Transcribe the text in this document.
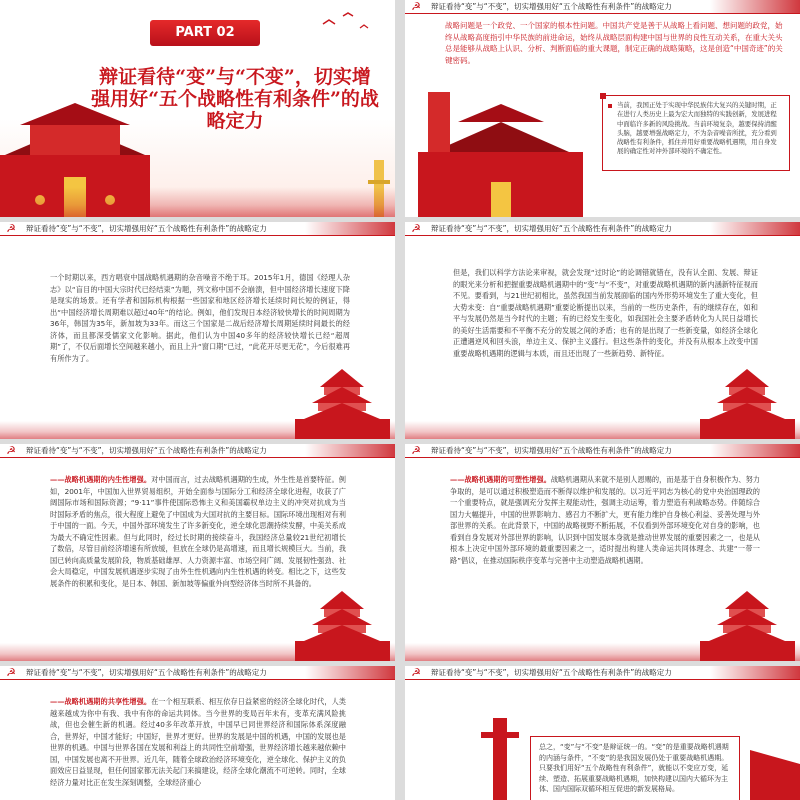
PART 02
辩证看待“变”与“不变”，切实增强用好“五个战略性有利条件”的战略定力
☭ 辩证看待“变”与“不变”，切实增强用好“五个战略性有利条件”的战略定力
战略问题是一个政党、一个国家的根本性问题。中国共产党是善于从战略上看问题、想问题的政党，始终从战略高度指引中华民族的前进命运，始终从战略层面构建中国与世界的良性互动关系，在重大关头总是能够从战略上认识、分析、判断面临的重大课题，制定正确的战略策略，这是创造“中国奇迹”的关键密码。
当前，我国正处于实现中华民族伟大复兴的关键时期，正在进行人类历史上最为宏大而独特的实践创新，发展进程中面临许多新的风险挑战。当前环境复杂，越要保持清醒头脑，越要增强战略定力，不为杂音噪音所扰，充分看到战略性有利条件，抓住并用好重要战略机遇期，用自身发展的确定性对冲外部环境的不确定性。
☭ 辩证看待“变”与“不变”，切实增强用好“五个战略性有利条件”的战略定力
一个时期以来，西方唱衰中国战略机遇期的杂音噪音不绝于耳。2015年1月，德国《经理人杂志》以“盲目的中国大宗时代已经结束”为题，列文称中国不会崩溃，但中国经济增长速度下降是现实的场景。还有学者和国际机构根据一些国家和地区经济增长延续时间长短的例证，得出“中国经济增长周期难以超过40年”的结论。例如，他们发现日本经济较快增长的时间周期为36年，韩国为35年，新加坡为33年。而这三个国家是二战后经济增长周期延续时间最长的经济体，而且都深受儒家文化影响。据此，他们认为中国40多年的经济较快增长已经“超周期”了，不仅后面增长空间越来越小，而且上升“窗口期”已过，“此花开尽更无花”，今后很难再有所作为了。
☭ 辩证看待“变”与“不变”，切实增强用好“五个战略性有利条件”的战略定力
但是，我们以科学方法论来审视，就会发现“过时论”的论调错就错在，没有认全面、发展、辩证的眼光来分析和把握重要战略机遇期中的“变”与“不变”，对重要战略机遇期的新内涵新特征视而不见。要看到，与21世纪初相比，虽然我国当前发展面临的国内外形势环境发生了重大变化，但大势未变：自“重要战略机遇期”重要论断提出以来，当前的一些历史条件，有的继续存在，如和平与发展仍然是当今时代的主题；有的已经发生变化，如我国社会主要矛盾转化为人民日益增长的美好生活需要和不平衡不充分的发展之间的矛盾；也有的是出现了一些新变量，如经济全球化正遭遇逆风和回头浪，单边主义、保护主义盛行。但这些条件的变化，并没有从根本上改变中国重要战略机遇期的逻辑与本质，而且还出现了一些新趋势、新特征。
☭ 辩证看待“变”与“不变”，切实增强用好“五个战略性有利条件”的战略定力
——战略机遇期的内生性增强。对中国而言，过去战略机遇期的生成，外生性是首要特征。例如，2001年，中国加入世界贸易组织，开始全面参与国际分工和经济全球化进程，收获了广阔国际市场和国际资源；“9·11”事件使国际恐怖主义和美国霸权单边主义的冲突对抗成为当时国际矛盾的焦点，很大程度上避免了中国成为大国对抗的主要目标。国际环境出现相对有利于中国的一面。今天，中国外部环境发生了许多新变化，逆全球化思潮持续发酵，中美关系成为最大不确定性因素。但与此同时，经过长时期的接续奋斗，我国经济总量较21世纪初增长了数倍，尽管目前经济增速有所放缓，但放在全球仍是高增速，而且增长规模巨大。当前，我国已转向高质量发展阶段，物质基础雄厚、人力资源丰富、市场空间广阔、发展韧性强劲、社会大局稳定，中国发展机遇逐步实现了由外生性机遇向内生性机遇的转变。相比之下，这些发展条件的积累和变化，是日本、韩国、新加坡等偏重外向型经济体当时所不具备的。
☭ 辩证看待“变”与“不变”，切实增强用好“五个战略性有利条件”的战略定力
——战略机遇期的可塑性增强。战略机遇期从来就不是别人恩赐的，而是基于自身积极作为、努力争取的，是可以通过积极塑造而不断得以维护和发展的。以习近平同志为核心的党中央治国理政的一个重要特点，就是强调充分发挥主观能动性，强调主动运筹，着力塑造有利战略态势。伴随综合国力大幅提升，中国的世界影响力、感召力不断扩大，更有能力维护自身核心利益、妥善处理与外部世界的关系。在此背景下，中国的战略视野不断拓展，不仅看到外部环境变化对自身的影响，也看到自身发展对外部世界的影响，认识到中国发展本身就是推动世界发展的重要因素之一，也是从根本上决定中国外部环境的最重要因素之一，适时提出构建人类命运共同体理念、共建“一带一路”倡议，在推动国际秩序变革与完善中主动塑造战略机遇期。
☭ 辩证看待“变”与“不变”，切实增强用好“五个战略性有利条件”的战略定力
——战略机遇期的共享性增强。在一个相互联系、相互依存日益紧密的经济全球化时代，人类越来越成为你中有我、我中有你的命运共同体。当今世界的变局百年未有，变革充满风险挑战，但也会催生新的机遇。经过40多年改革开放，中国早已同世界经济和国际体系深度融合，世界好，中国才能好；中国好，世界才更好。世界的发展是中国的机遇，中国的发展也是世界的机遇。中国与世界各国在发展和利益上的共同性空前增强，世界经济增长越来越依赖中国，中国发展也离不开世界。近几年，随着全球政治经济环境变化，逆全球化、保护主义的负面效应日益显现，但任何国家都无法关起门来搞建设，经济全球化潮流不可逆转。同时，全球经济力量对比正在发生深刻调整，全球经济重心
☭ 辩证看待“变”与“不变”，切实增强用好“五个战略性有利条件”的战略定力
总之，“变”与“不变”是辩证统一的。“变”的是重要战略机遇期的内涵与条件，“不变”的是我国发展仍处于重要战略机遇期。只要我们用好“五个战略性有利条件”，就能以不变应万变，延续、塑造、拓展重要战略机遇期，加快构建以国内大循环为主体、国内国际双循环相互促进的新发展格局。
